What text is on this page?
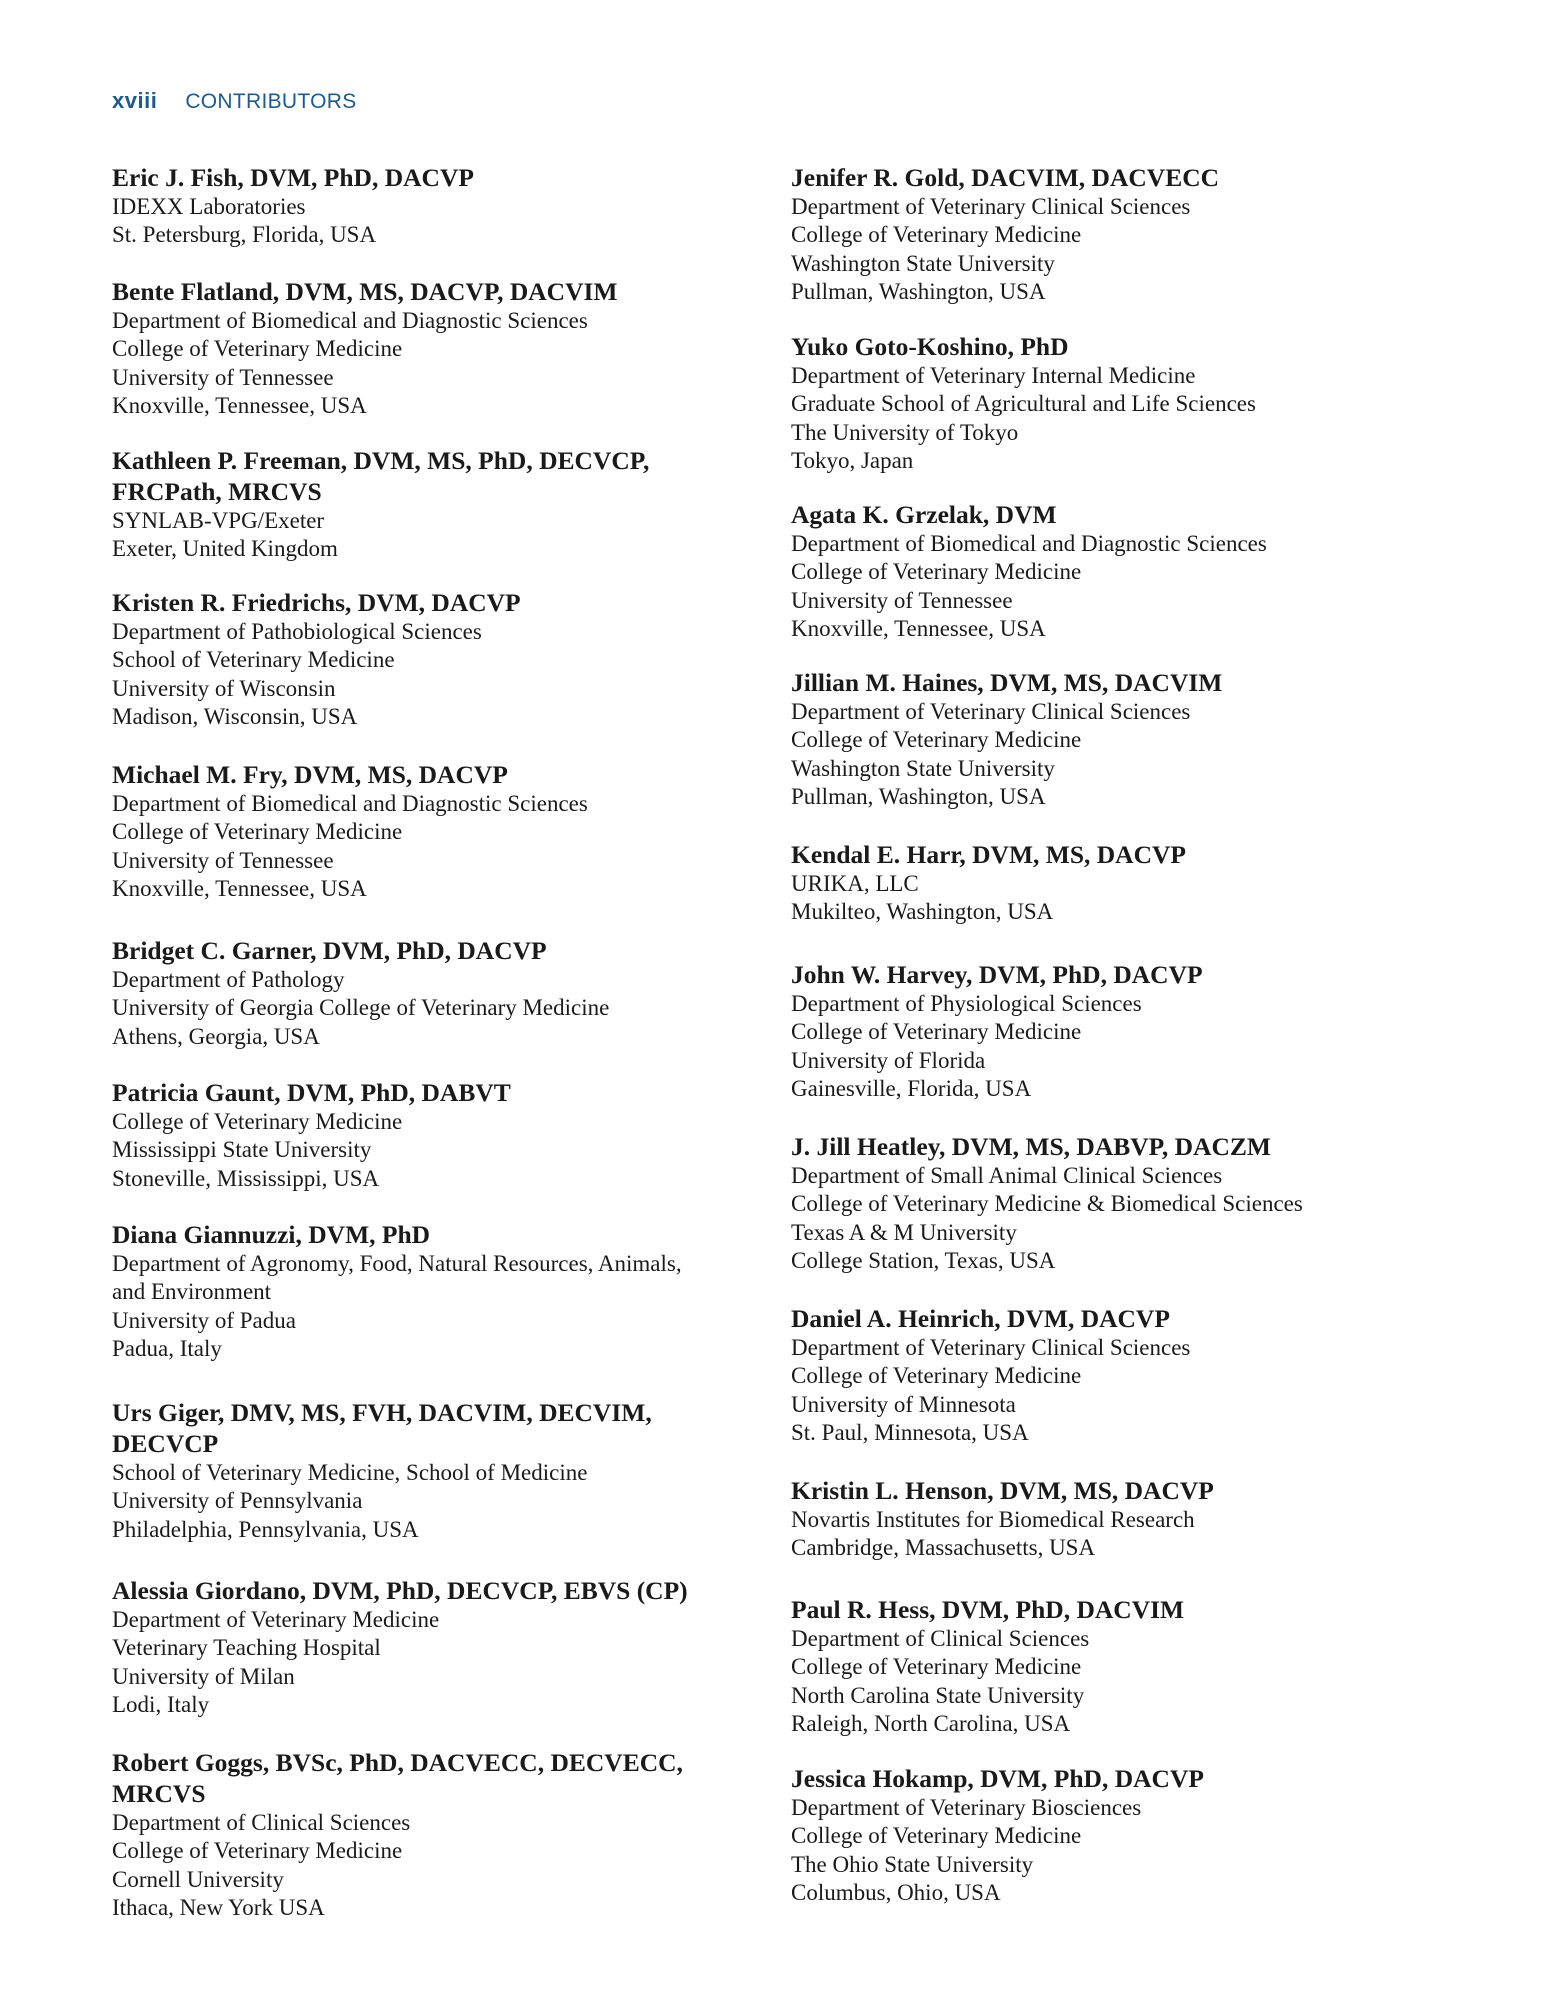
xviii CONTRIBUTORS
Eric J. Fish, DVM, PhD, DACVP
IDEXX Laboratories
St. Petersburg, Florida, USA
Bente Flatland, DVM, MS, DACVP, DACVIM
Department of Biomedical and Diagnostic Sciences
College of Veterinary Medicine
University of Tennessee
Knoxville, Tennessee, USA
Kathleen P. Freeman, DVM, MS, PhD, DECVCP, FRCPath, MRCVS
SYNLAB-VPG/Exeter
Exeter, United Kingdom
Kristen R. Friedrichs, DVM, DACVP
Department of Pathobiological Sciences
School of Veterinary Medicine
University of Wisconsin
Madison, Wisconsin, USA
Michael M. Fry, DVM, MS, DACVP
Department of Biomedical and Diagnostic Sciences
College of Veterinary Medicine
University of Tennessee
Knoxville, Tennessee, USA
Bridget C. Garner, DVM, PhD, DACVP
Department of Pathology
University of Georgia College of Veterinary Medicine
Athens, Georgia, USA
Patricia Gaunt, DVM, PhD, DABVT
College of Veterinary Medicine
Mississippi State University
Stoneville, Mississippi, USA
Diana Giannuzzi, DVM, PhD
Department of Agronomy, Food, Natural Resources, Animals,
and Environment
University of Padua
Padua, Italy
Urs Giger, DMV, MS, FVH, DACVIM, DECVIM, DECVCP
School of Veterinary Medicine, School of Medicine
University of Pennsylvania
Philadelphia, Pennsylvania, USA
Alessia Giordano, DVM, PhD, DECVCP, EBVS (CP)
Department of Veterinary Medicine
Veterinary Teaching Hospital
University of Milan
Lodi, Italy
Robert Goggs, BVSc, PhD, DACVECC, DECVECC, MRCVS
Department of Clinical Sciences
College of Veterinary Medicine
Cornell University
Ithaca, New York USA
Jenifer R. Gold, DACVIM, DACVECC
Department of Veterinary Clinical Sciences
College of Veterinary Medicine
Washington State University
Pullman, Washington, USA
Yuko Goto-Koshino, PhD
Department of Veterinary Internal Medicine
Graduate School of Agricultural and Life Sciences
The University of Tokyo
Tokyo, Japan
Agata K. Grzelak, DVM
Department of Biomedical and Diagnostic Sciences
College of Veterinary Medicine
University of Tennessee
Knoxville, Tennessee, USA
Jillian M. Haines, DVM, MS, DACVIM
Department of Veterinary Clinical Sciences
College of Veterinary Medicine
Washington State University
Pullman, Washington, USA
Kendal E. Harr, DVM, MS, DACVP
URIKA, LLC
Mukilteo, Washington, USA
John W. Harvey, DVM, PhD, DACVP
Department of Physiological Sciences
College of Veterinary Medicine
University of Florida
Gainesville, Florida, USA
J. Jill Heatley, DVM, MS, DABVP, DACZM
Department of Small Animal Clinical Sciences
College of Veterinary Medicine & Biomedical Sciences
Texas A & M University
College Station, Texas, USA
Daniel A. Heinrich, DVM, DACVP
Department of Veterinary Clinical Sciences
College of Veterinary Medicine
University of Minnesota
St. Paul, Minnesota, USA
Kristin L. Henson, DVM, MS, DACVP
Novartis Institutes for Biomedical Research
Cambridge, Massachusetts, USA
Paul R. Hess, DVM, PhD, DACVIM
Department of Clinical Sciences
College of Veterinary Medicine
North Carolina State University
Raleigh, North Carolina, USA
Jessica Hokamp, DVM, PhD, DACVP
Department of Veterinary Biosciences
College of Veterinary Medicine
The Ohio State University
Columbus, Ohio, USA
